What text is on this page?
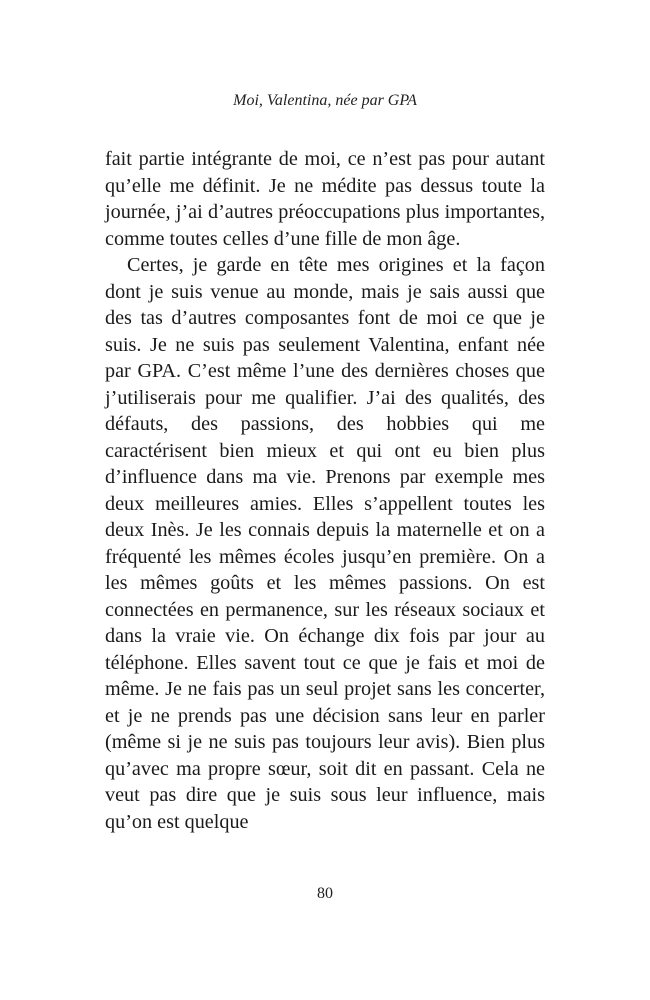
Moi, Valentina, née par GPA

fait partie intégrante de moi, ce n’est pas pour autant qu’elle me définit. Je ne médite pas dessus toute la journée, j’ai d’autres préoccupations plus importantes, comme toutes celles d’une fille de mon âge.

Certes, je garde en tête mes origines et la façon dont je suis venue au monde, mais je sais aussi que des tas d’autres composantes font de moi ce que je suis. Je ne suis pas seulement Valentina, enfant née par GPA. C’est même l’une des dernières choses que j’utiliserais pour me qualifier. J’ai des qualités, des défauts, des passions, des hobbies qui me caractérisent bien mieux et qui ont eu bien plus d’influence dans ma vie. Prenons par exemple mes deux meilleures amies. Elles s’appellent toutes les deux Inès. Je les connais depuis la maternelle et on a fréquenté les mêmes écoles jusqu’en première. On a les mêmes goûts et les mêmes passions. On est connectées en permanence, sur les réseaux sociaux et dans la vraie vie. On échange dix fois par jour au téléphone. Elles savent tout ce que je fais et moi de même. Je ne fais pas un seul projet sans les concerter, et je ne prends pas une décision sans leur en parler (même si je ne suis pas toujours leur avis). Bien plus qu’avec ma propre sœur, soit dit en passant. Cela ne veut pas dire que je suis sous leur influence, mais qu’on est quelque

80
